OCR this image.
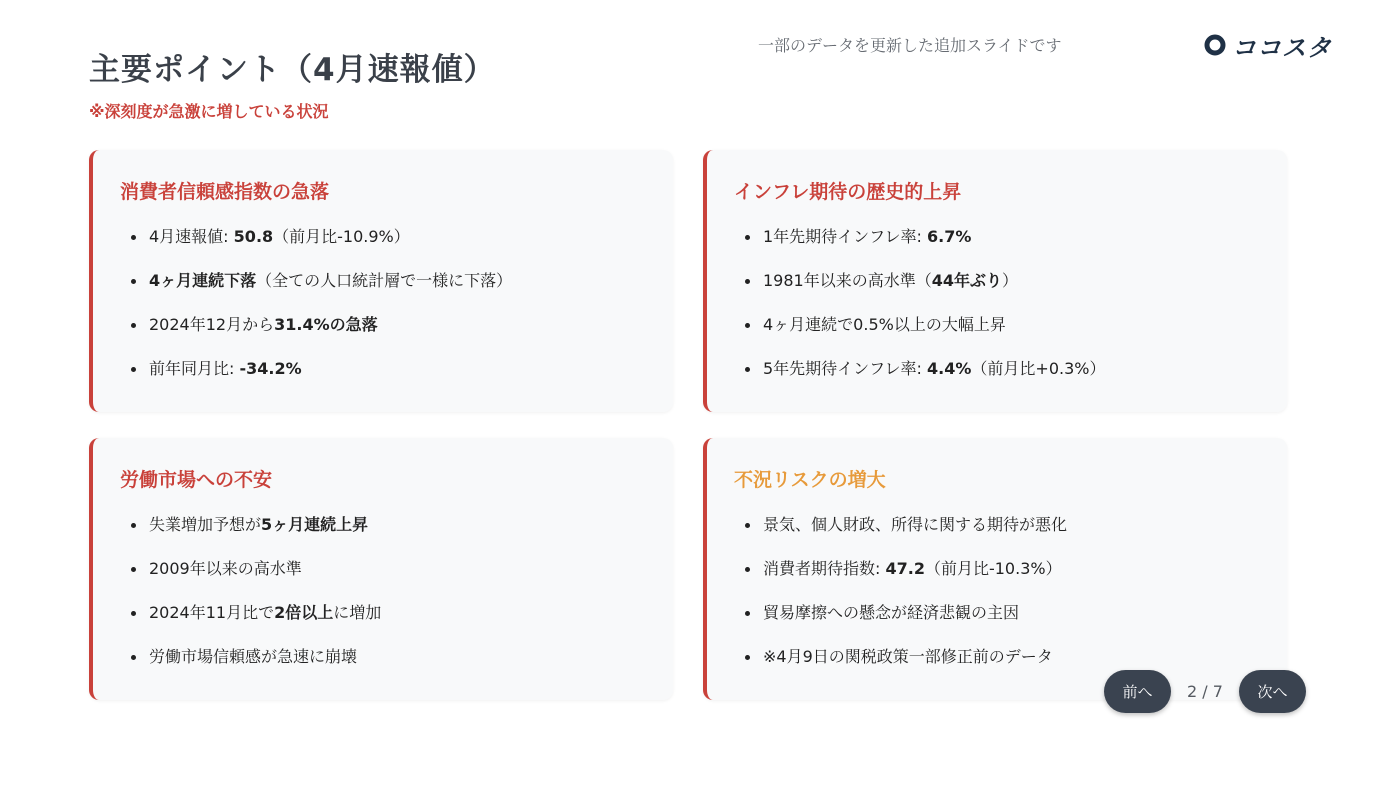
主要ポイント（4月速報値）
※深刻度が急激に増している状況
一部のデータを更新した追加スライドです	ココスタ
消費者信頼感指数の急落
4月速報値: 50.8（前月比-10.9%）
4ヶ月連続下落（全ての人口統計層で一様に下落）
2024年12月から31.4%の急落
前年同月比: -34.2%
インフレ期待の歴史的上昇
1年先期待インフレ率: 6.7%
1981年以来の高水準（44年ぶり）
4ヶ月連続で0.5%以上の大幅上昇
5年先期待インフレ率: 4.4%（前月比+0.3%）
労働市場への不安
失業増加予想が5ヶ月連続上昇
2009年以来の高水準
2024年11月比で2倍以上に増加
労働市場信頼感が急速に崩壊
不況リスクの増大
景気、個人財政、所得に関する期待が悪化
消費者期待指数: 47.2（前月比-10.3%）
貿易摩擦への懸念が経済悲観の主因
※4月9日の関税政策一部修正前のデータ
前へ	2 / 7	次へ
